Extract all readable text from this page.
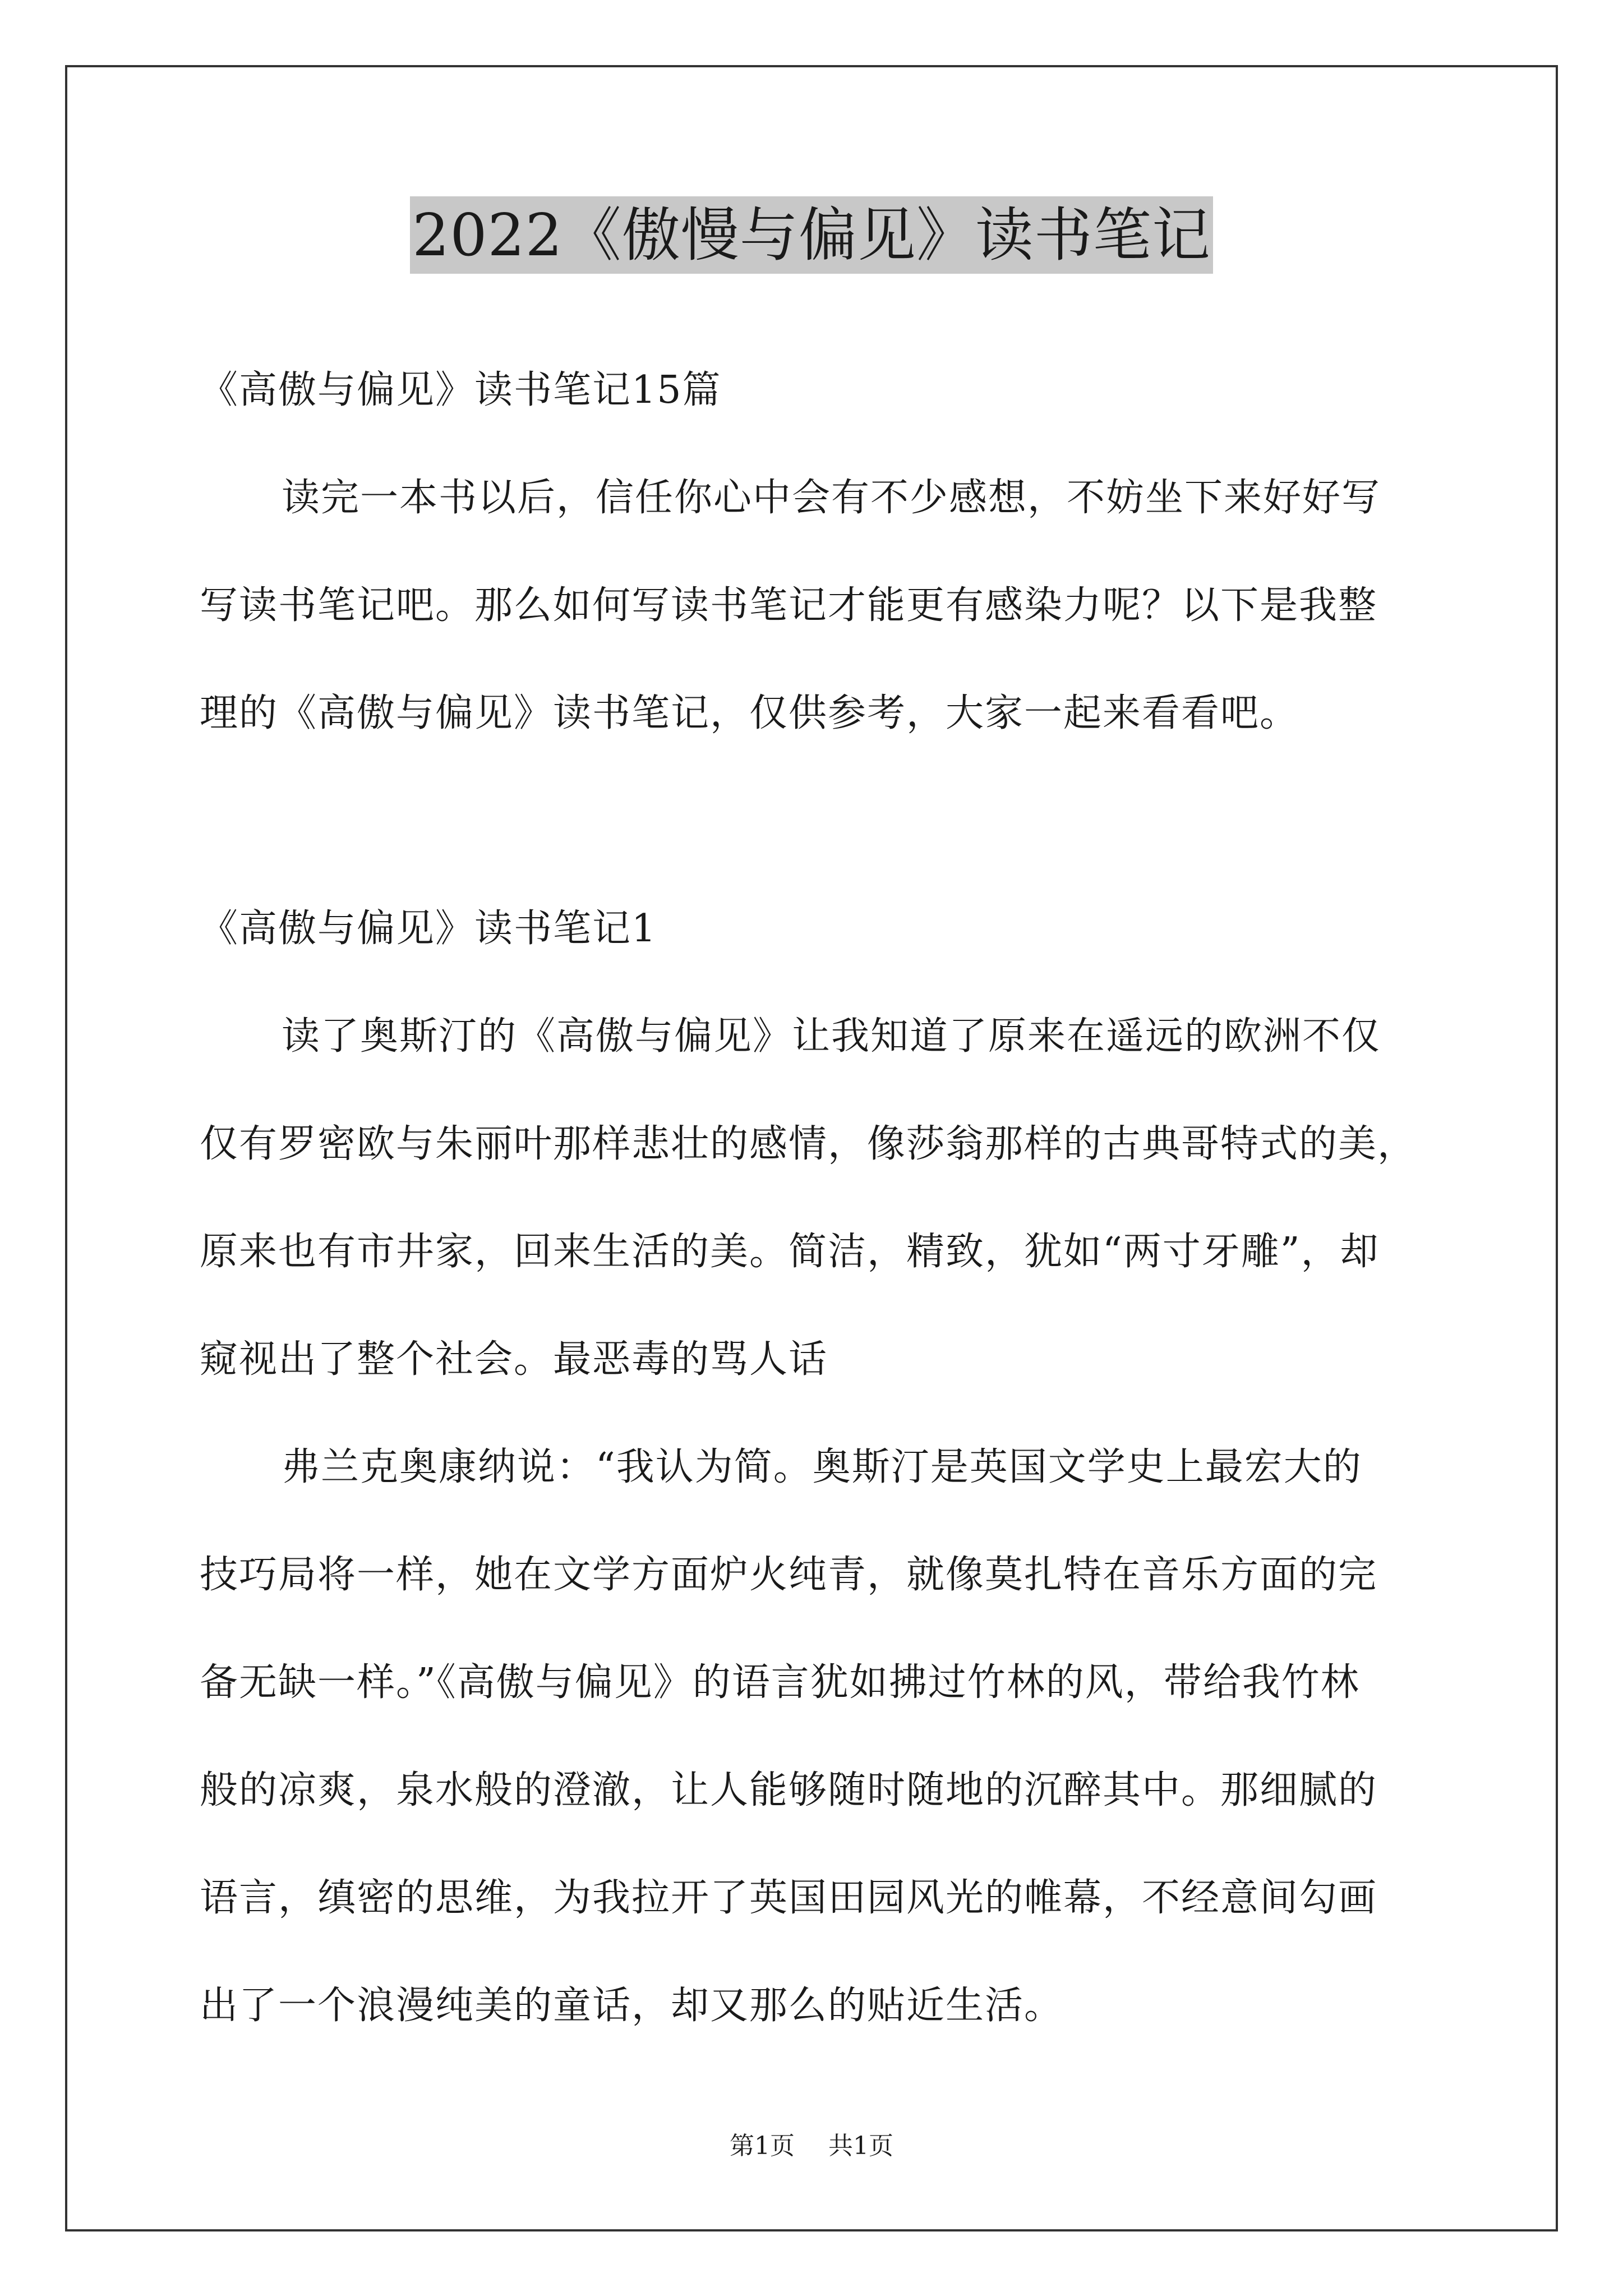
2022《傲慢与偏见》读书笔记
《高傲与偏见》读书笔记15篇
读完一本书以后，信任你心中会有不少感想，不妨坐下来好好写
写读书笔记吧。那么如何写读书笔记才能更有感染力呢？以下是我整
理的《高傲与偏见》读书笔记，仅供参考，大家一起来看看吧。
《高傲与偏见》读书笔记1
读了奥斯汀的《高傲与偏见》让我知道了原来在遥远的欧洲不仅
仅有罗密欧与朱丽叶那样悲壮的感情，像莎翁那样的古典哥特式的美，
原来也有市井家，回来生活的美。简洁，精致，犹如“两寸牙雕”，却
窥视出了整个社会。最恶毒的骂人话
弗兰克奥康纳说：“我认为简。奥斯汀是英国文学史上最宏大的
技巧局将一样，她在文学方面炉火纯青，就像莫扎特在音乐方面的完
备无缺一样。”《高傲与偏见》的语言犹如拂过竹林的风，带给我竹林
般的凉爽，泉水般的澄澈，让人能够随时随地的沉醉其中。那细腻的
语言，缜密的思维，为我拉开了英国田园风光的帷幕，不经意间勾画
出了一个浪漫纯美的童话，却又那么的贴近生活。
第1页 共1页
